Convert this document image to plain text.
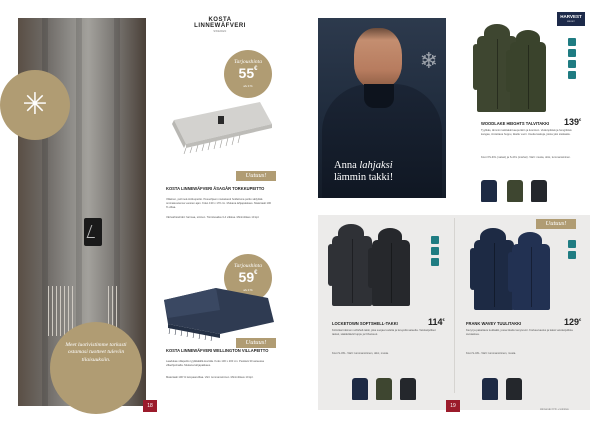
✳
Meet luotivistimme tarkasti ostamasi tuotteet tuleviin tilaisuuksiin.
18
KOSTA LINNEWÄFVERI
SWEDEN
Tarjoushinta
55€
alv 0 %
Uutuus!
KOSTA LINNEWÄFVERI ÅSAGÅR TORKKUPEITTO
Villainen, pehmeä torkkupeitto. Pesuohjeen mukaisesti hoidettuna peitto säilyttää ominaisuutensa vuosien ajan. Koko 130 x 170 cm. Mukana lahjapakkaus. Materiaali 100 % villaa.
Värivaihtoehdot: harmaa, sininen. Toimitusaika 3-4 viikkoa. Minimitilaus 10 kpl.
Tarjoushinta
59€
alv 0 %
Uutuus!
KOSTA LINNEWÄFVERI WELLINGTON VILLAPEITTO
Laadukas villapeitto tyylikkäällä kuviolla. Koko 130 x 200 cm. Pestävä 30 asteessa villaohjelmalla. Mukana lahjapakkaus.
Materiaali 100 % lampaanvillaa. Väri: tummansininen. Minimitilaus 10 kpl.
❄
Anna lahjaksi
lämmin takki!
HARVEST
FROST
WOODLAKE HEIGHTS TALVITAKKI	139€
Tyylikäs, lämmin talvitakki kaupunkiin ja luontoon. Vedenpitävä ja hengittävä kangas, irrotettava huppu, tikattu vuori. Useita taskuja, joista yksi sisätasku.
Koot XS-3XL (naiset) ja S-4XL (miehet). Värit: musta, oliivi, tummansininen.
Uutuus!
LOCKETOWN SOFTSHELL-TAKKI	114€
Kolmikerroksinen softshell-takki, joka suojaa tuulelta ja kevyeltä sateelta. Vetoketjulliset taskut, säädettävä huppu ja hihansuut.
Koot S-3XL. Värit: tummansininen, oliivi, musta.
FRANK WAVEY TUULITAKKI	129€
Kevyt ja pakattava tuulitakki, jossa tikattu kevytvuori. Korkea kaulus ja kaksi vetoketjullista sivutaskua.
Koot S-4XL. Värit: tummansininen, musta.
19
Hinnat alv 0 % + toimitus
